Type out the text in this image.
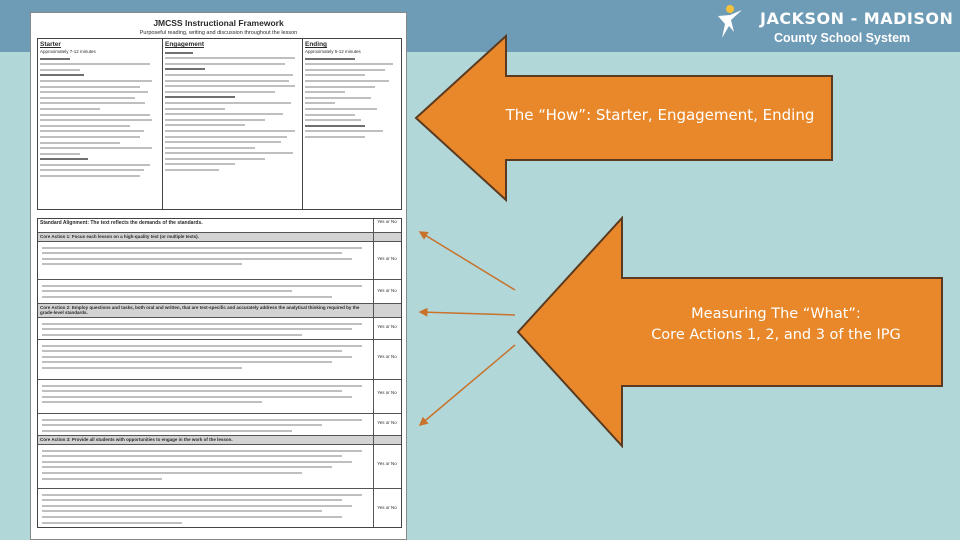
JACKSON - MADISON
County School System
JMCSS Instructional Framework
Purposeful reading, writing and discussion throughout the lesson
Starter
Approximately 7-12 minutes
Engagement	Ending
Approximately 5-12 minutes
Standard Alignment: The text reflects the demands of the standards.	Yes or No
Core Action 1: Focus each lesson on a high-quality text (or multiple texts).
Yes or No
Yes or No
Core Action 2: Employ questions and tasks, both oral and written, that are text-specific and accurately address the analytical thinking required by the grade-level standards.
Yes or No
Yes or No
Yes or No
Yes or No
Core Action 3: Provide all students with opportunities to engage in the work of the lesson.
Yes or No
Yes or No
The “How”: Starter, Engagement, Ending
Measuring The “What”:
Core Actions 1, 2, and 3 of the IPG
